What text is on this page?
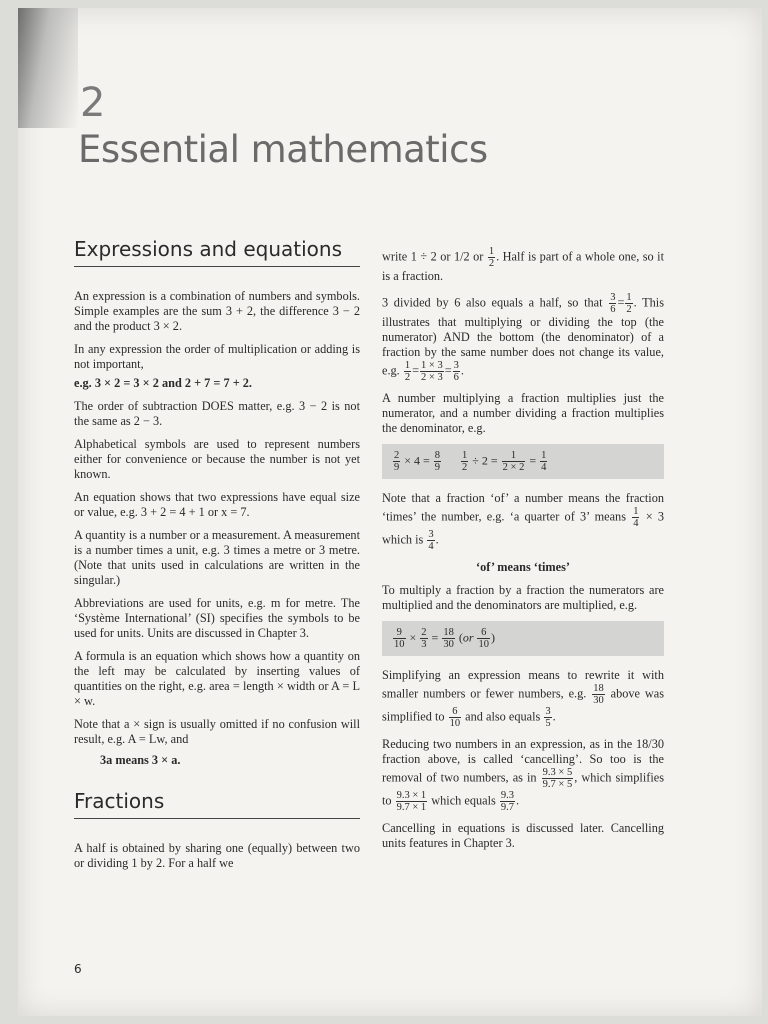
2
Essential mathematics
Expressions and equations

An expression is a combination of numbers and symbols. Simple examples are the sum 3 + 2, the difference 3 − 2 and the product 3 × 2.

In any expression the order of multiplication or adding is not important,

e.g. 3 × 2 = 3 × 2 and 2 + 7 = 7 + 2.

The order of subtraction DOES matter, e.g. 3 − 2 is not the same as 2 − 3.

Alphabetical symbols are used to represent numbers either for convenience or because the number is not yet known.

An equation shows that two expressions have equal size or value, e.g. 3 + 2 = 4 + 1 or x = 7.

A quantity is a number or a measurement. A measurement is a number times a unit, e.g. 3 times a metre or 3 metre. (Note that units used in calculations are written in the singular.)

Abbreviations are used for units, e.g. m for metre. The ‘Système International’ (SI) specifies the symbols to be used for units. Units are discussed in Chapter 3.

A formula is an equation which shows how a quantity on the left may be calculated by inserting values of quantities on the right, e.g. area = length × width or A = L × w.

Note that a × sign is usually omitted if no confusion will result, e.g. A = Lw, and

3a means 3 × a.

Fractions

A half is obtained by sharing one (equally) between two or dividing 1 by 2. For a half we

write 1 ÷ 2 or 1/2 or $\frac{1}{2}$ . Half is part of a whole one, so it is a fraction.

3 divided by 6 also equals a half, so that $\frac{3}{6} = \frac{1}{2}$ . This illustrates that multiplying or dividing the top (the numerator) AND the bottom (the denominator) of a fraction by the same number does not change its value, e.g. $\frac{1}{2} = \frac{1 \times 3}{2 \times 3} = \frac{3}{6}$ .

A number multiplying a fraction multiplies just the numerator, and a number dividing a fraction multiplies the denominator, e.g.

$\frac{2}{9} \times 4 = \frac{8}{9}$
$\frac{1}{2} \div 2 = \frac{1}{2 \times 2} = \frac{1}{4}$

Note that a fraction ‘of’ a number means the fraction ‘times’ the number, e.g. ‘a quarter of 3’ means $\frac{1}{4} \times 3$ which is $\frac{3}{4}$ .

‘of’ means ‘times’

To multiply a fraction by a fraction the numerators are multiplied and the denominators are multiplied, e.g.

$\frac{9}{10} \times \frac{2}{3} = \frac{18}{30} (or \frac{6}{10}$ )

Simplifying an expression means to rewrite it with smaller numbers or fewer numbers, e.g. $\frac{18}{30}$ above was simplified to $\frac{6}{10}$ and also equals $\frac{3}{5}$ .

Reducing two numbers in an expression, as in the 18/30 fraction above, is called ‘cancelling’. So too is the removal of two numbers, as in $\frac{9.3 \times 5}{9.7 \times 5}$ , which simplifies to $\frac{9.3 \times 1}{9.7 \times 1}$ which equals $\frac{9.3}{9.7}$ .

Cancelling in equations is discussed later. Cancelling units features in Chapter 3.

6
